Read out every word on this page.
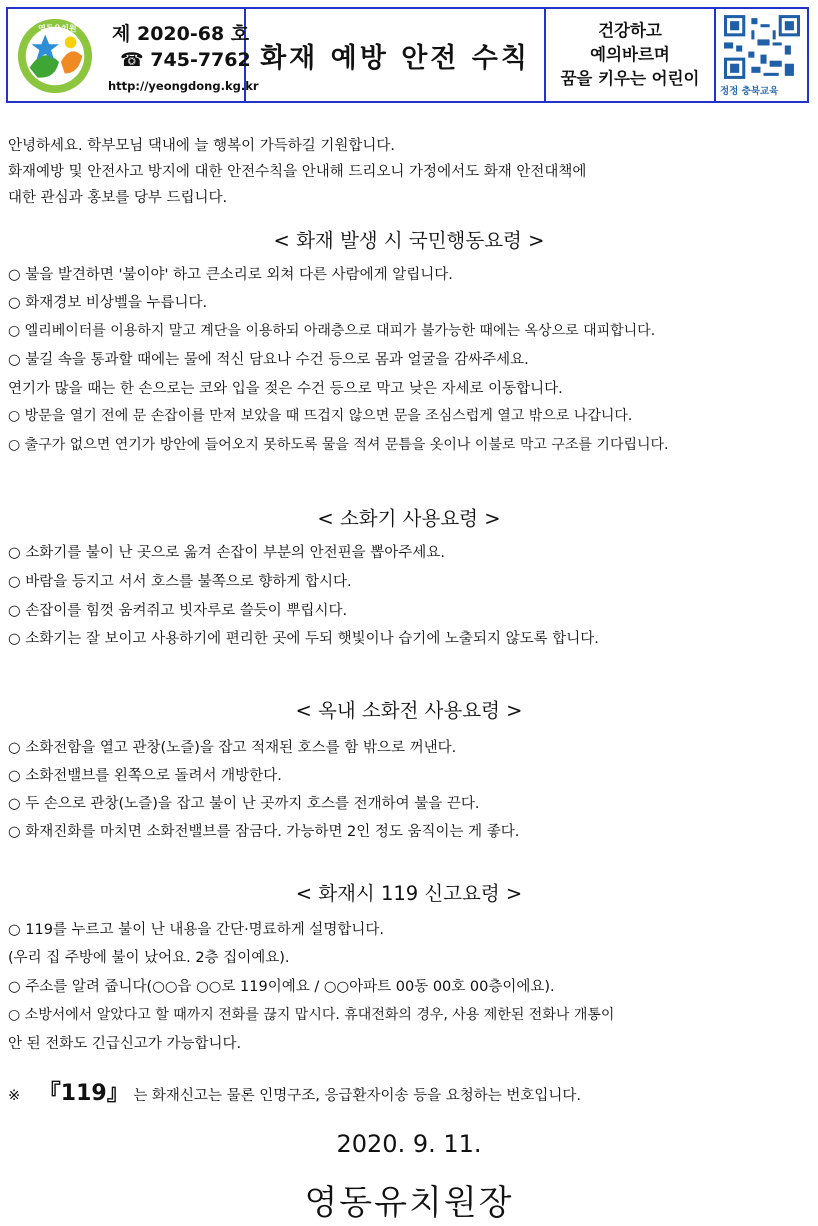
영동유치원 제 2020-68 호
☎ 745-7762
http://yeongdong.kg.kr
화재 예방 안전 수칙
건강하고
예의바르며
꿈을 키우는 어린이
정정 충북교육
안녕하세요. 학부모님 댁내에 늘 행복이 가득하길 기원합니다.
화재예방 및 안전사고 방지에 대한 안전수칙을 안내해 드리오니 가정에서도 화재 안전대책에
대한 관심과 홍보를 당부 드립니다.
< 화재 발생 시 국민행동요령 >
○ 불을 발견하면 '불이야' 하고 큰소리로 외쳐 다른 사람에게 알립니다.
○ 화재경보 비상벨을 누릅니다.
○ 엘리베이터를 이용하지 말고 계단을 이용하되 아래층으로 대피가 불가능한 때에는 옥상으로 대피합니다.
○ 불길 속을 통과할 때에는 물에 적신 담요나 수건 등으로 몸과 얼굴을 감싸주세요.
연기가 많을 때는 한 손으로는 코와 입을 젖은 수건 등으로 막고 낮은 자세로 이동합니다.
○ 방문을 열기 전에 문 손잡이를 만져 보았을 때 뜨겁지 않으면 문을 조심스럽게 열고 밖으로 나갑니다.
○ 출구가 없으면 연기가 방안에 들어오지 못하도록 물을 적셔 문틈을 옷이나 이불로 막고 구조를 기다립니다.
< 소화기 사용요령 >
○ 소화기를 불이 난 곳으로 옮겨 손잡이 부분의 안전핀을 뽑아주세요.
○ 바람을 등지고 서서 호스를 불쪽으로 향하게 합시다.
○ 손잡이를 힘껏 움켜쥐고 빗자루로 쓸듯이 뿌립시다.
○ 소화기는 잘 보이고 사용하기에 편리한 곳에 두되 햇빛이나 습기에 노출되지 않도록 합니다.
< 옥내 소화전 사용요령 >
○ 소화전함을 열고 관창(노즐)을 잡고 적재된 호스를 함 밖으로 꺼낸다.
○ 소화전밸브를 왼쪽으로 돌려서 개방한다.
○ 두 손으로 관창(노즐)을 잡고 불이 난 곳까지 호스를 전개하여 불을 끈다.
○ 화재진화를 마치면 소화전밸브를 잠금다. 가능하면 2인 정도 움직이는 게 좋다.
< 화재시 119 신고요령 >
○ 119를 누르고 불이 난 내용을 간단·명료하게 설명합니다.
(우리 집 주방에 불이 났어요. 2층 집이예요).
○ 주소를 알려 줍니다(○○읍 ○○로 119이예요 / ○○아파트 00동 00호 00층이에요).
○ 소방서에서 알았다고 할 때까지 전화를 끊지 맙시다. 휴대전화의 경우, 사용 제한된 전화나 개통이
안 된 전화도 긴급신고가 가능합니다.
※ 『119』 는 화재신고는 물론 인명구조, 응급환자이송 등을 요청하는 번호입니다.
2020. 9. 11.
영동유치원장
